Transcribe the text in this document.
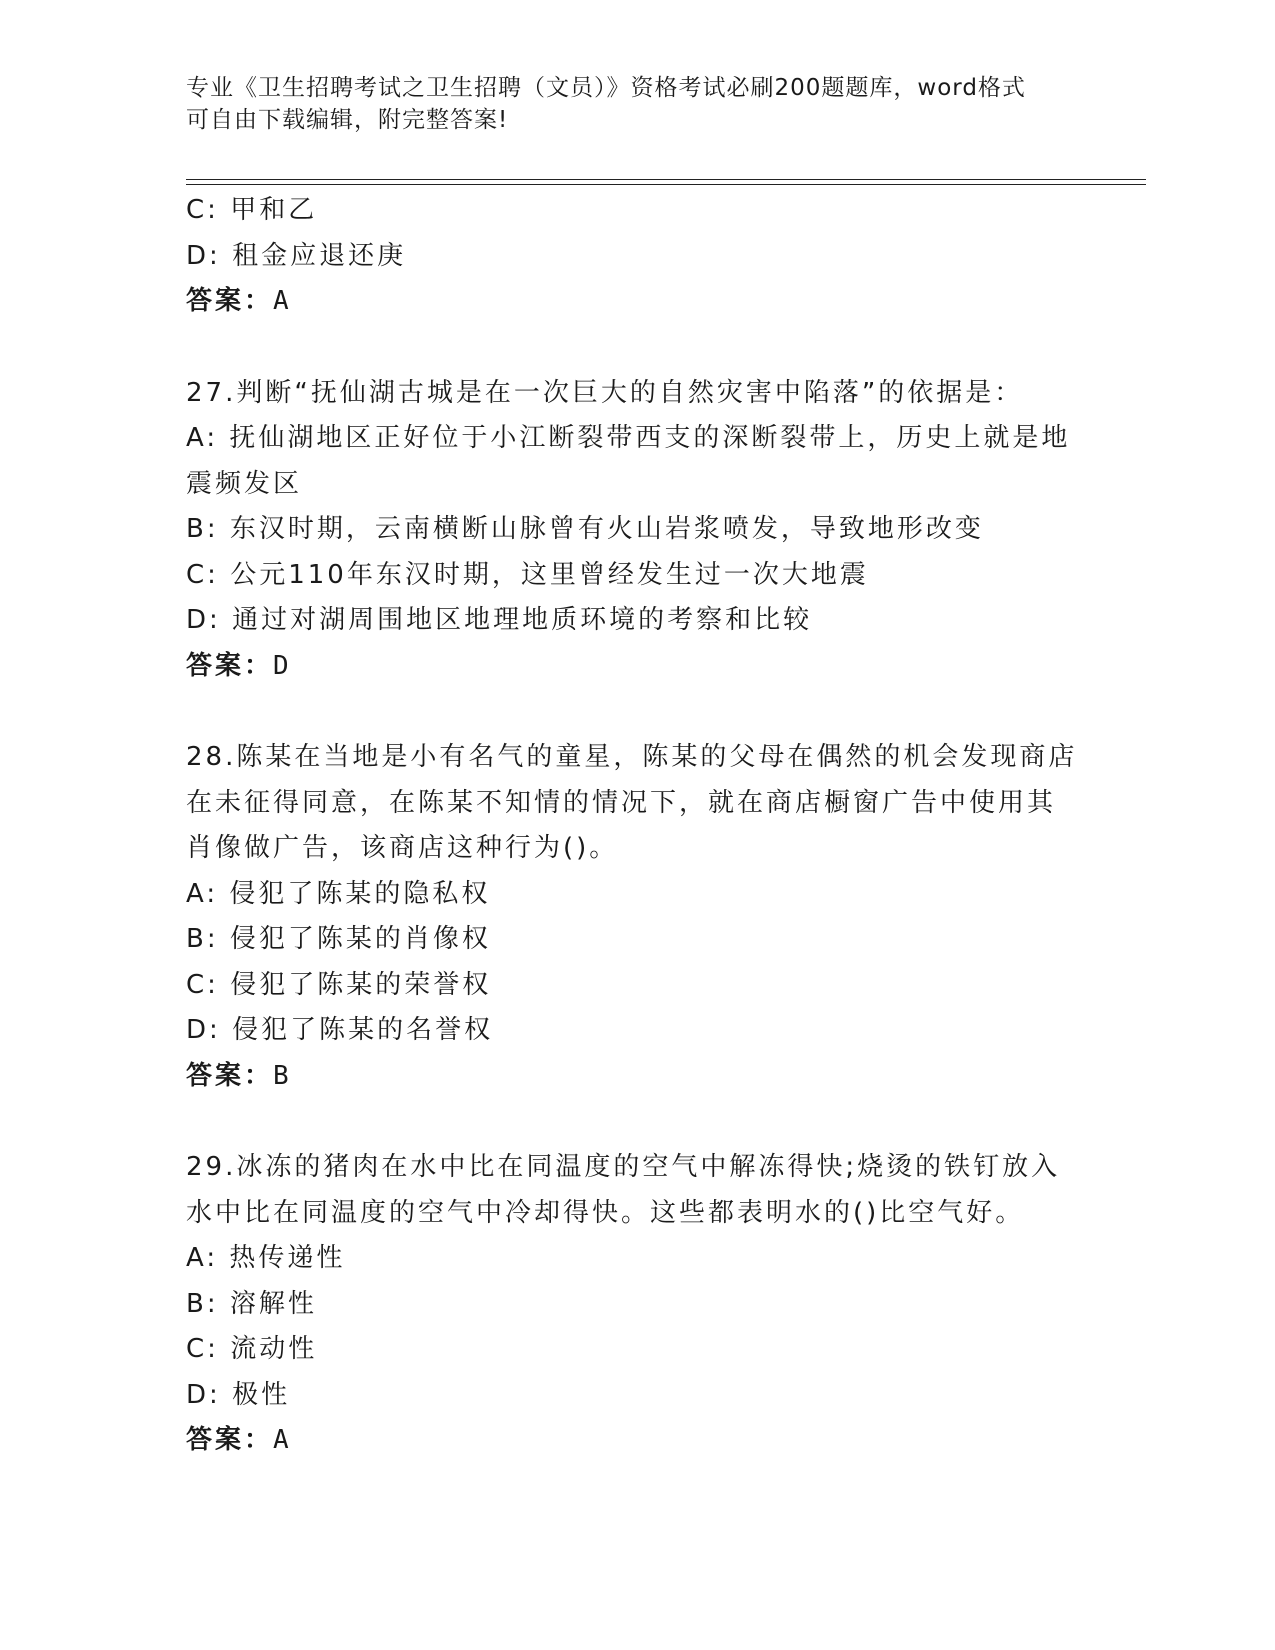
专业《卫生招聘考试之卫生招聘（文员）》资格考试必刷200题题库，word格式
可自由下载编辑，附完整答案!
C: 甲和乙
D: 租金应退还庚
答案：A
27.判断“抚仙湖古城是在一次巨大的自然灾害中陷落”的依据是：
A: 抚仙湖地区正好位于小江断裂带西支的深断裂带上，历史上就是地
震频发区
B: 东汉时期，云南横断山脉曾有火山岩浆喷发，导致地形改变
C: 公元110年东汉时期，这里曾经发生过一次大地震
D: 通过对湖周围地区地理地质环境的考察和比较
答案：D
28.陈某在当地是小有名气的童星，陈某的父母在偶然的机会发现商店
在未征得同意，在陈某不知情的情况下，就在商店橱窗广告中使用其
肖像做广告，该商店这种行为()。
A: 侵犯了陈某的隐私权
B: 侵犯了陈某的肖像权
C: 侵犯了陈某的荣誉权
D: 侵犯了陈某的名誉权
答案：B
29.冰冻的猪肉在水中比在同温度的空气中解冻得快;烧烫的铁钉放入
水中比在同温度的空气中冷却得快。这些都表明水的()比空气好。
A: 热传递性
B: 溶解性
C: 流动性
D: 极性
答案：A
